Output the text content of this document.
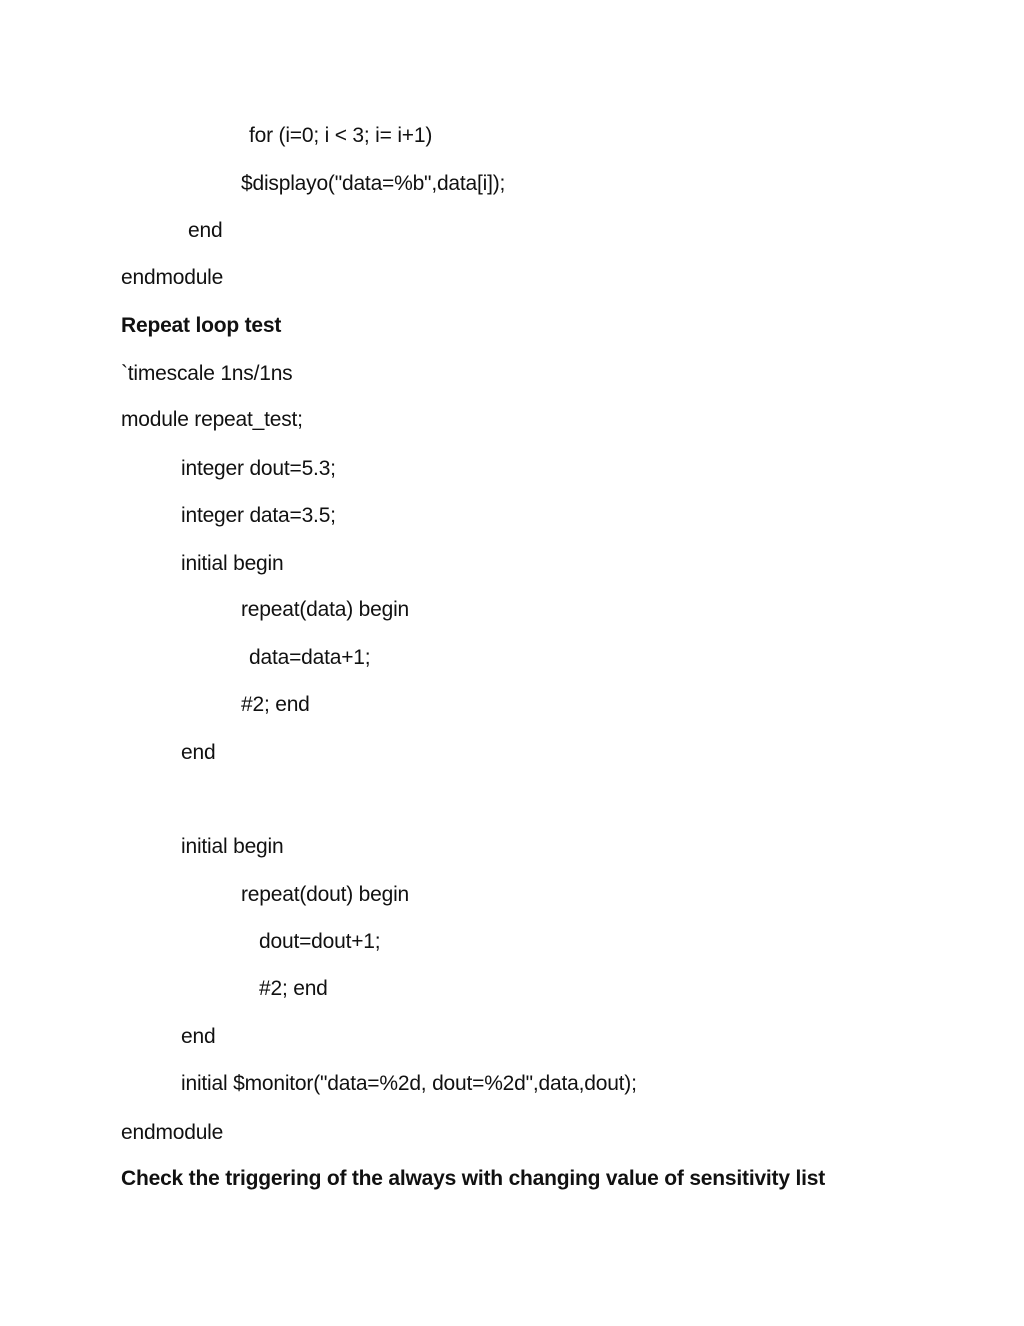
for (i=0; i < 3; i= i+1)
$displayo("data=%b",data[i]);
end
endmodule
Repeat loop test
`timescale 1ns/1ns
module repeat_test;
integer dout=5.3;
integer data=3.5;
initial begin
repeat(data) begin
data=data+1;
#2; end
end
initial begin
repeat(dout) begin
dout=dout+1;
#2; end
end
initial $monitor("data=%2d, dout=%2d",data,dout);
endmodule
Check the triggering of the always with changing value of sensitivity list
